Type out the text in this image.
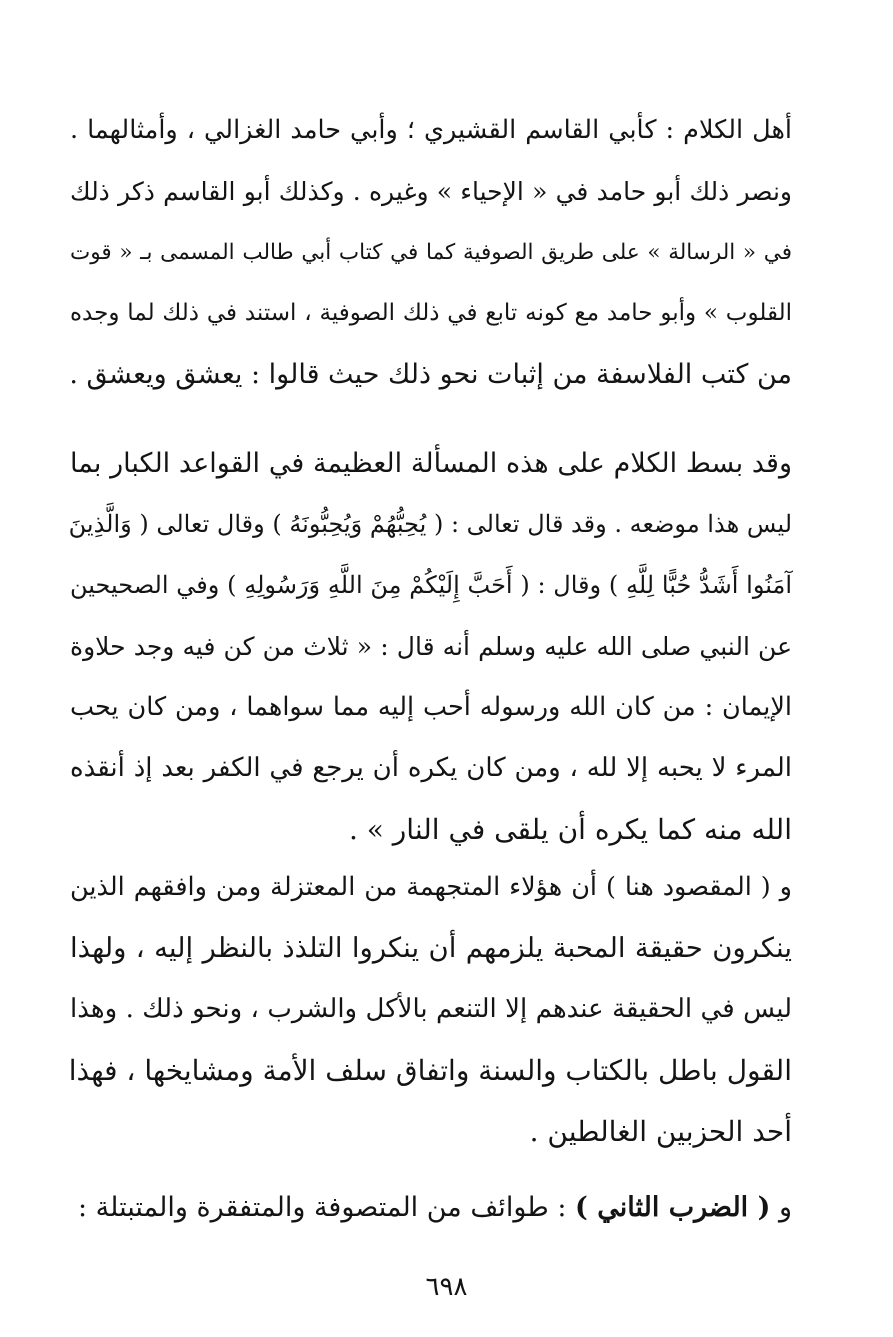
أهل الكلام : كأبي القاسم القشيري ؛ وأبي حامد الغزالي ، وأمثالهما .
ونصر ذلك أبو حامد في « الإحياء » وغيره . وكذلك أبو القاسم ذكر ذلك
في « الرسالة » على طريق الصوفية كما في كتاب أبي طالب المسمى بـ « قوت
القلوب » وأبو حامد مع كونه تابع في ذلك الصوفية ، استند في ذلك لما وجده
من كتب الفلاسفة من إثبات نحو ذلك حيث قالوا : يعشق ويعشق .
وقد بسط الكلام على هذه المسألة العظيمة في القواعد الكبار بما
ليس هذا موضعه . وقد قال تعالى : ( يُحِبُّهُمْ وَيُحِبُّونَهُ ) وقال تعالى ( وَالَّذِينَ
آمَنُوا أَشَدُّ حُبًّا لِلَّهِ ) وقال : ( أَحَبَّ إِلَيْكُمْ مِنَ اللَّهِ وَرَسُولِهِ ) وفي الصحيحين
عن النبي صلى الله عليه وسلم أنه قال : « ثلاث من كن فيه وجد حلاوة
الإيمان : من كان الله ورسوله أحب إليه مما سواهما ، ومن كان يحب
المرء لا يحبه إلا لله ، ومن كان يكره أن يرجع في الكفر بعد إذ أنقذه
الله منه كما يكره أن يلقى في النار » .
و ( المقصود هنا ) أن هؤلاء المتجهمة من المعتزلة ومن وافقهم الذين
ينكرون حقيقة المحبة يلزمهم أن ينكروا التلذذ بالنظر إليه ، ولهذا
ليس في الحقيقة عندهم إلا التنعم بالأكل والشرب ، ونحو ذلك . وهذا
القول باطل بالكتاب والسنة واتفاق سلف الأمة ومشايخها ، فهذا
أحد الحزبين الغالطين .
و ( الضرب الثاني ) : طوائف من المتصوفة والمتفقرة والمتبتلة :
٦٩٨
